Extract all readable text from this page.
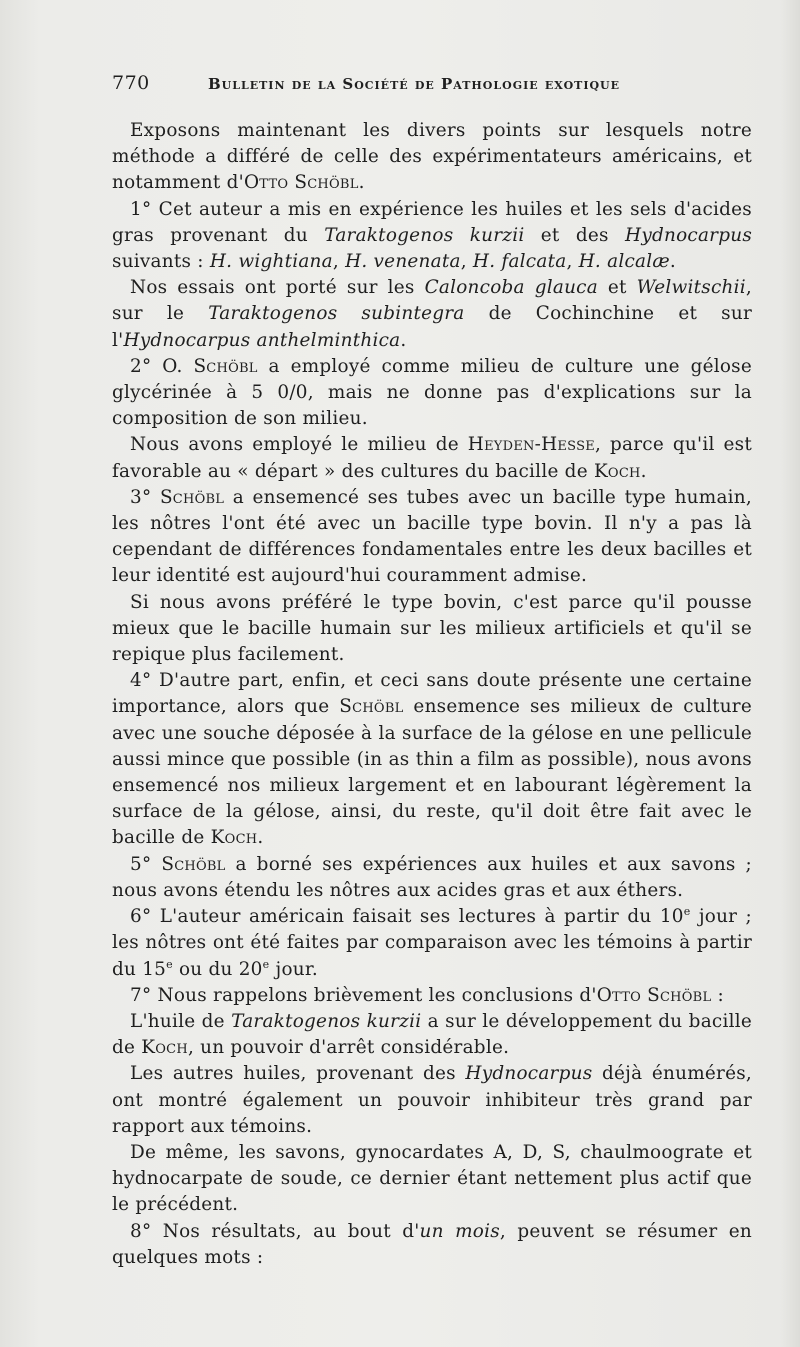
770	Bulletin de la Société de Pathologie exotique

Exposons maintenant les divers points sur lesquels notre méthode a différé de celle des expérimentateurs américains, et notamment d'Otto Schöbl.

1° Cet auteur a mis en expérience les huiles et les sels d'acides gras provenant du Taraktogenos kurzii et des Hydnocarpus suivants : H. wightiana, H. venenata, H. falcata, H. alcalæ.

Nos essais ont porté sur les Caloncoba glauca et Welwitschii, sur le Taraktogenos subintegra de Cochinchine et sur l'Hydnocarpus anthelminthica.

2° O. Schöbl a employé comme milieu de culture une gélose glycérinée à 5 0/0, mais ne donne pas d'explications sur la composition de son milieu.

Nous avons employé le milieu de Heyden-Hesse, parce qu'il est favorable au « départ » des cultures du bacille de Koch.

3° Schöbl a ensemencé ses tubes avec un bacille type humain, les nôtres l'ont été avec un bacille type bovin. Il n'y a pas là cependant de différences fondamentales entre les deux bacilles et leur identité est aujourd'hui couramment admise.

Si nous avons préféré le type bovin, c'est parce qu'il pousse mieux que le bacille humain sur les milieux artificiels et qu'il se repique plus facilement.

4° D'autre part, enfin, et ceci sans doute présente une certaine importance, alors que Schöbl ensemence ses milieux de culture avec une souche déposée à la surface de la gélose en une pellicule aussi mince que possible (in as thin a film as possible), nous avons ensemencé nos milieux largement et en labourant légèrement la surface de la gélose, ainsi, du reste, qu'il doit être fait avec le bacille de Koch.

5° Schöbl a borné ses expériences aux huiles et aux savons ; nous avons étendu les nôtres aux acides gras et aux éthers.

6° L'auteur américain faisait ses lectures à partir du 10e jour ; les nôtres ont été faites par comparaison avec les témoins à partir du 15e ou du 20e jour.

7° Nous rappelons brièvement les conclusions d'Otto Schöbl :

L'huile de Taraktogenos kurzii a sur le développement du bacille de Koch, un pouvoir d'arrêt considérable.

Les autres huiles, provenant des Hydnocarpus déjà énumérés, ont montré également un pouvoir inhibiteur très grand par rapport aux témoins.

De même, les savons, gynocardates A, D, S, chaulmoograte et hydnocarpate de soude, ce dernier étant nettement plus actif que le précédent.

8° Nos résultats, au bout d'un mois, peuvent se résumer en quelques mots :
